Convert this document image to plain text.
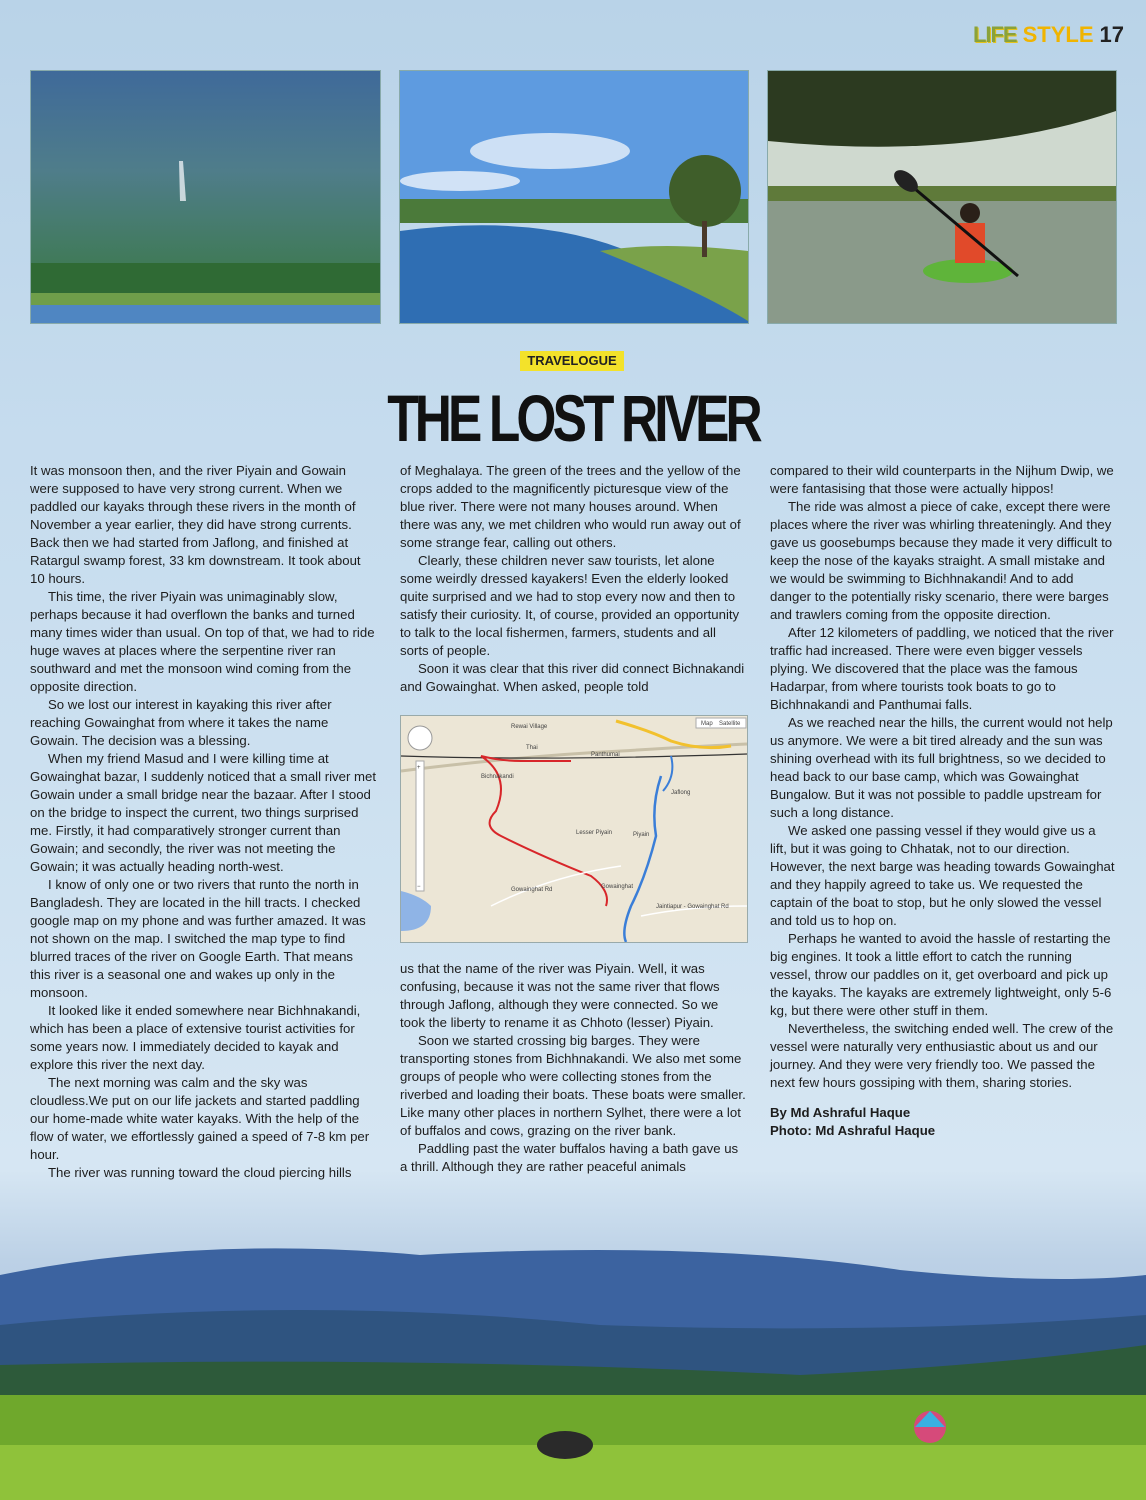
LIFE STYLE 17
TRAVELOGUE
THE LOST RIVER

It was monsoon then, and the river Piyain and Gowain were supposed to have very strong current. When we paddled our kayaks through these rivers in the month of November a year earlier, they did have strong currents. Back then we had started from Jaflong, and finished at Ratargul swamp forest, 33 km downstream. It took about 10 hours.

This time, the river Piyain was unimaginably slow, perhaps because it had overflown the banks and turned many times wider than usual. On top of that, we had to ride huge waves at places where the serpentine river ran southward and met the monsoon wind coming from the opposite direction.

So we lost our interest in kayaking this river after reaching Gowainghat from where it takes the name Gowain. The decision was a blessing.

When my friend Masud and I were killing time at Gowainghat bazar, I suddenly noticed that a small river met Gowain under a small bridge near the bazaar. After I stood on the bridge to inspect the current, two things surprised me. Firstly, it had comparatively stronger current than Gowain; and secondly, the river was not meeting the Gowain; it was actually heading north-west.

I know of only one or two rivers that runto the north in Bangladesh. They are located in the hill tracts. I checked google map on my phone and was further amazed. It was not shown on the map. I switched the map type to find blurred traces of the river on Google Earth. That means this river is a seasonal one and wakes up only in the monsoon.

It looked like it ended somewhere near Bichhnakandi, which has been a place of extensive tourist activities for some years now. I immediately decided to kayak and explore this river the next day.

The next morning was calm and the sky was cloudless.We put on our life jackets and started paddling our home-made white water kayaks. With the help of the flow of water, we effortlessly gained a speed of 7-8 km per hour.

The river was running toward the cloud piercing hills

of Meghalaya. The green of the trees and the yellow of the crops added to the magnificently picturesque view of the blue river. There were not many houses around. When there was any, we met children who would run away out of some strange fear, calling out others.

Clearly, these children never saw tourists, let alone some weirdly dressed kayakers! Even the elderly looked quite surprised and we had to stop every now and then to satisfy their curiosity. It, of course, provided an opportunity to talk to the local fishermen, farmers, students and all sorts of people.

Soon it was clear that this river did connect Bichnakandi and Gowainghat. When asked, people told

Map Satellite
Rewai Village
Thai
Panthumai
Bichnakandi
Jaflong
Lesser Piyain	Piyain
Gowainghat
Gowainghat Rd
Jaintiapur - Gowainghat Rd
+
−

us that the name of the river was Piyain. Well, it was confusing, because it was not the same river that flows through Jaflong, although they were connected. So we took the liberty to rename it as Chhoto (lesser) Piyain.

Soon we started crossing big barges. They were transporting stones from Bichhnakandi. We also met some groups of people who were collecting stones from the riverbed and loading their boats. These boats were smaller. Like many other places in northern Sylhet, there were a lot of buffalos and cows, grazing on the river bank.

Paddling past the water buffalos having a bath gave us a thrill. Although they are rather peaceful animals

compared to their wild counterparts in the Nijhum Dwip, we were fantasising that those were actually hippos!

The ride was almost a piece of cake, except there were places where the river was whirling threateningly. And they gave us goosebumps because they made it very difficult to keep the nose of the kayaks straight. A small mistake and we would be swimming to Bichhnakandi! And to add danger to the potentially risky scenario, there were barges and trawlers coming from the opposite direction.

After 12 kilometers of paddling, we noticed that the river traffic had increased. There were even bigger vessels plying. We discovered that the place was the famous Hadarpar, from where tourists took boats to go to Bichhnakandi and Panthumai falls.

As we reached near the hills, the current would not help us anymore. We were a bit tired already and the sun was shining overhead with its full brightness, so we decided to head back to our base camp, which was Gowainghat Bungalow. But it was not possible to paddle upstream for such a long distance.

We asked one passing vessel if they would give us a lift, but it was going to Chhatak, not to our direction. However, the next barge was heading towards Gowainghat and they happily agreed to take us. We requested the captain of the boat to stop, but he only slowed the vessel and told us to hop on.

Perhaps he wanted to avoid the hassle of restarting the big engines. It took a little effort to catch the running vessel, throw our paddles on it, get overboard and pick up the kayaks. The kayaks are extremely lightweight, only 5-6 kg, but there were other stuff in them.

Nevertheless, the switching ended well. The crew of the vessel were naturally very enthusiastic about us and our journey. And they were very friendly too. We passed the next few hours gossiping with them, sharing stories.

By Md Ashraful Haque
Photo: Md Ashraful Haque
